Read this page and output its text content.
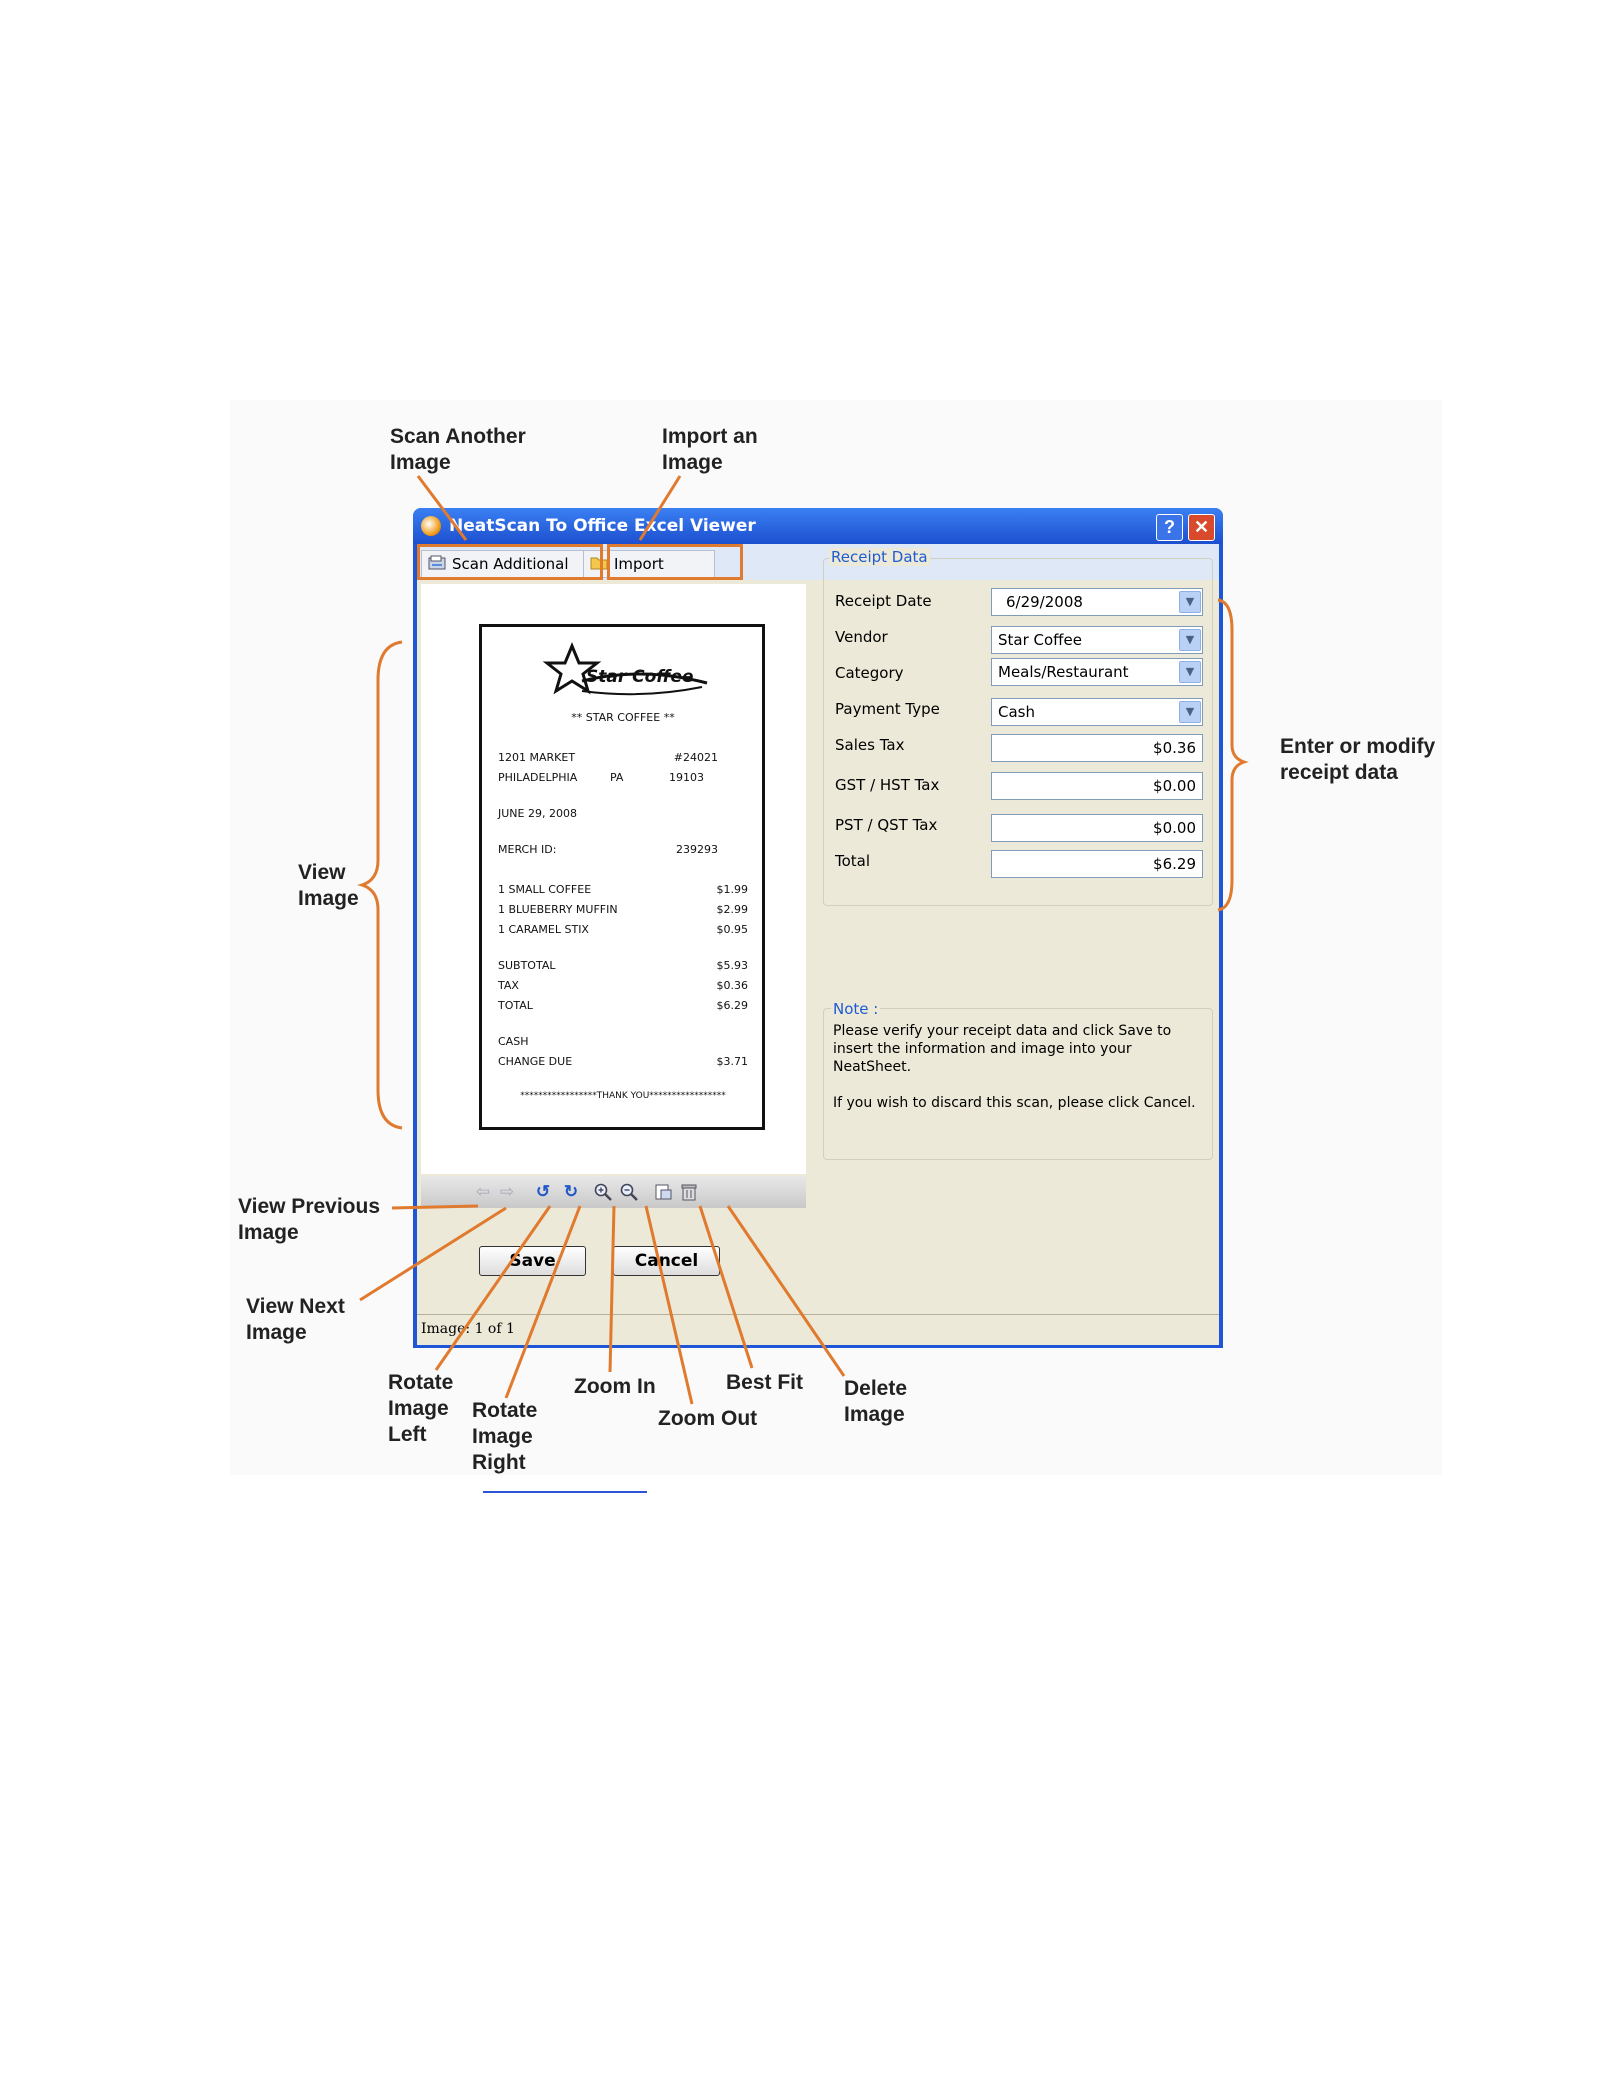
Scan Another
Image
Import an
Image
View
Image
Enter or modify
receipt data
View Previous
Image
View Next
Image
Rotate
Image
Left
Rotate
Image
Right
Zoom In
Zoom Out
Best Fit Delete
Image
NeatScan To Office Excel Viewer	?	✕
Scan Additional	Import
Star Coffee
** STAR COFFEE **
1201 MARKET	#24021
PHILADELPHIA	PA	19103
JUNE 29, 2008
MERCH ID:	239293
1 SMALL COFFEE	$1.99
1 BLUEBERRY MUFFIN	$2.99
1 CARAMEL STIX	$0.95
SUBTOTAL	$5.93
TAX	$0.36
TOTAL	$6.29
CASH
CHANGE DUE	$3.71
*****************THANK YOU*****************
⇦ ⇨ ↺ ↻
Save	Cancel
Receipt Data
Receipt Date	6/29/2008	▼
Vendor	Star Coffee	▼
Category	Meals/Restaurant	▼
Payment Type	Cash	▼
Sales Tax	$0.36
GST / HST Tax	$0.00
PST / QST Tax	$0.00
Total	$6.29
Note :
Please verify your receipt data and click Save to insert the information and image into your NeatSheet.
If you wish to discard this scan, please click Cancel.
Image: 1 of 1
